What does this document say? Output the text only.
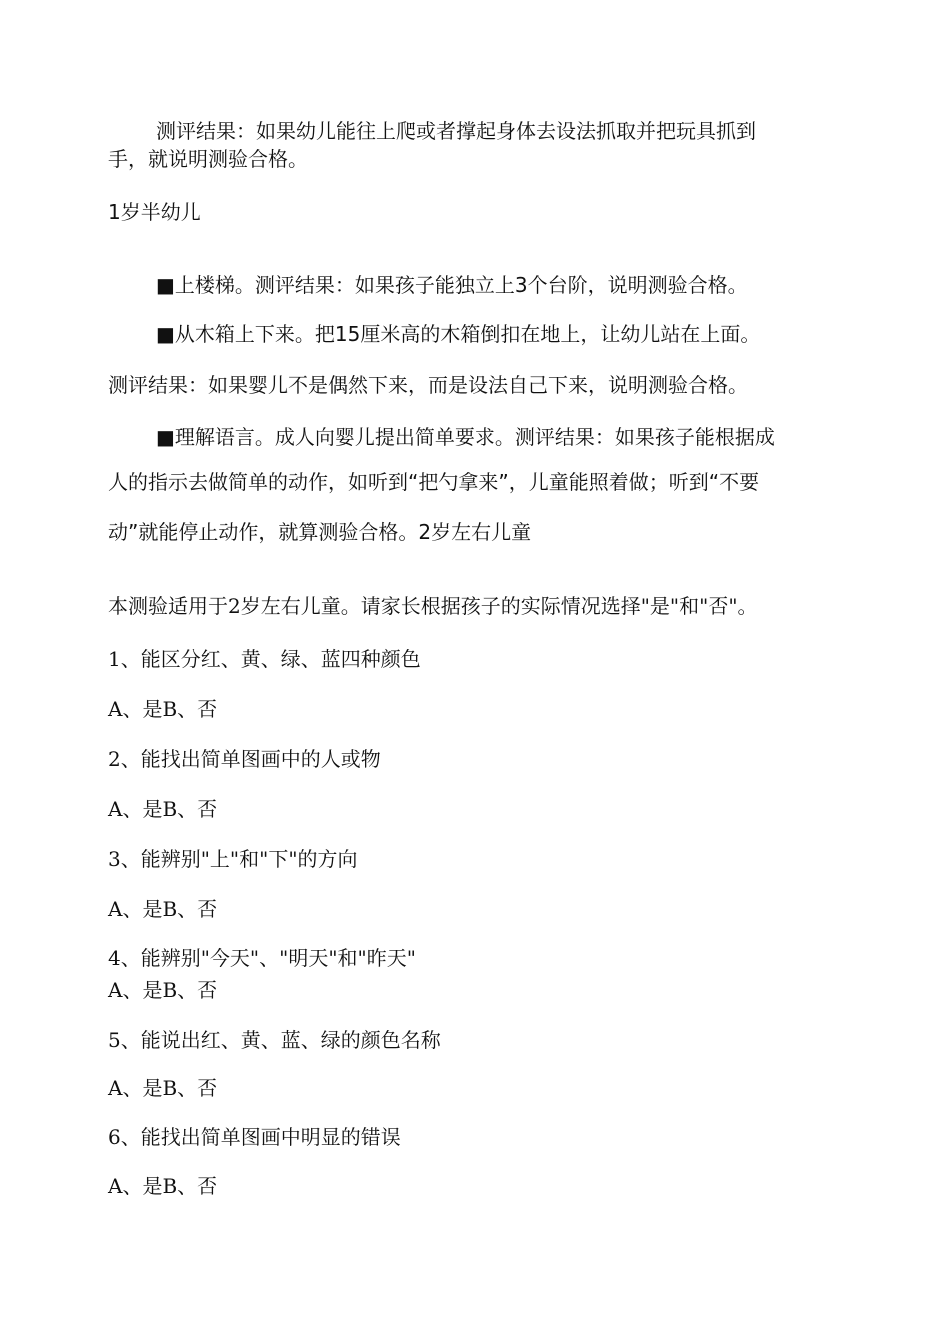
测评结果：如果幼儿能往上爬或者撑起身体去设法抓取并把玩具抓到
手，就说明测验合格。
1岁半幼儿
■上楼梯。测评结果：如果孩子能独立上3个台阶，说明测验合格。
■从木箱上下来。把15厘米高的木箱倒扣在地上，让幼儿站在上面。
测评结果：如果婴儿不是偶然下来，而是设法自己下来，说明测验合格。
■理解语言。成人向婴儿提出简单要求。测评结果：如果孩子能根据成
人的指示去做简单的动作，如听到“把勺拿来”，儿童能照着做；听到“不要
动”就能停止动作，就算测验合格。2岁左右儿童
本测验适用于2岁左右儿童。请家长根据孩子的实际情况选择"是"和"否"。
1、能区分红、黄、绿、蓝四种颜色
A、是B、否
2、能找出简单图画中的人或物
A、是B、否
3、能辨别"上"和"下"的方向
A、是B、否
4、能辨别"今天"、"明天"和"昨天"
A、是B、否
5、能说出红、黄、蓝、绿的颜色名称
A、是B、否
6、能找出简单图画中明显的错误
A、是B、否
